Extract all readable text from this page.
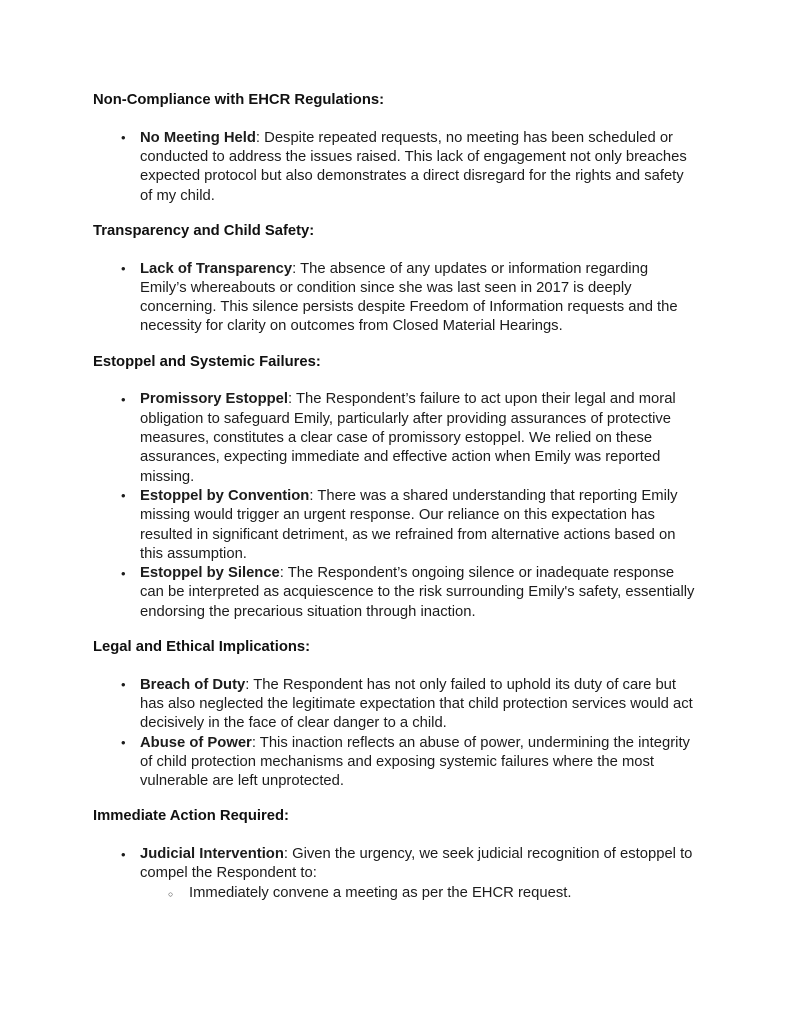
Non-Compliance with EHCR Regulations:
• No Meeting Held: Despite repeated requests, no meeting has been scheduled or conducted to address the issues raised. This lack of engagement not only breaches expected protocol but also demonstrates a direct disregard for the rights and safety of my child.
Transparency and Child Safety:
• Lack of Transparency: The absence of any updates or information regarding Emily’s whereabouts or condition since she was last seen in 2017 is deeply concerning. This silence persists despite Freedom of Information requests and the necessity for clarity on outcomes from Closed Material Hearings.
Estoppel and Systemic Failures:
• Promissory Estoppel: The Respondent’s failure to act upon their legal and moral obligation to safeguard Emily, particularly after providing assurances of protective measures, constitutes a clear case of promissory estoppel. We relied on these assurances, expecting immediate and effective action when Emily was reported missing.
• Estoppel by Convention: There was a shared understanding that reporting Emily missing would trigger an urgent response. Our reliance on this expectation has resulted in significant detriment, as we refrained from alternative actions based on this assumption.
• Estoppel by Silence: The Respondent’s ongoing silence or inadequate response can be interpreted as acquiescence to the risk surrounding Emily's safety, essentially endorsing the precarious situation through inaction.
Legal and Ethical Implications:
• Breach of Duty: The Respondent has not only failed to uphold its duty of care but has also neglected the legitimate expectation that child protection services would act decisively in the face of clear danger to a child.
• Abuse of Power: This inaction reflects an abuse of power, undermining the integrity of child protection mechanisms and exposing systemic failures where the most vulnerable are left unprotected.
Immediate Action Required:
• Judicial Intervention: Given the urgency, we seek judicial recognition of estoppel to compel the Respondent to:
○ Immediately convene a meeting as per the EHCR request.
